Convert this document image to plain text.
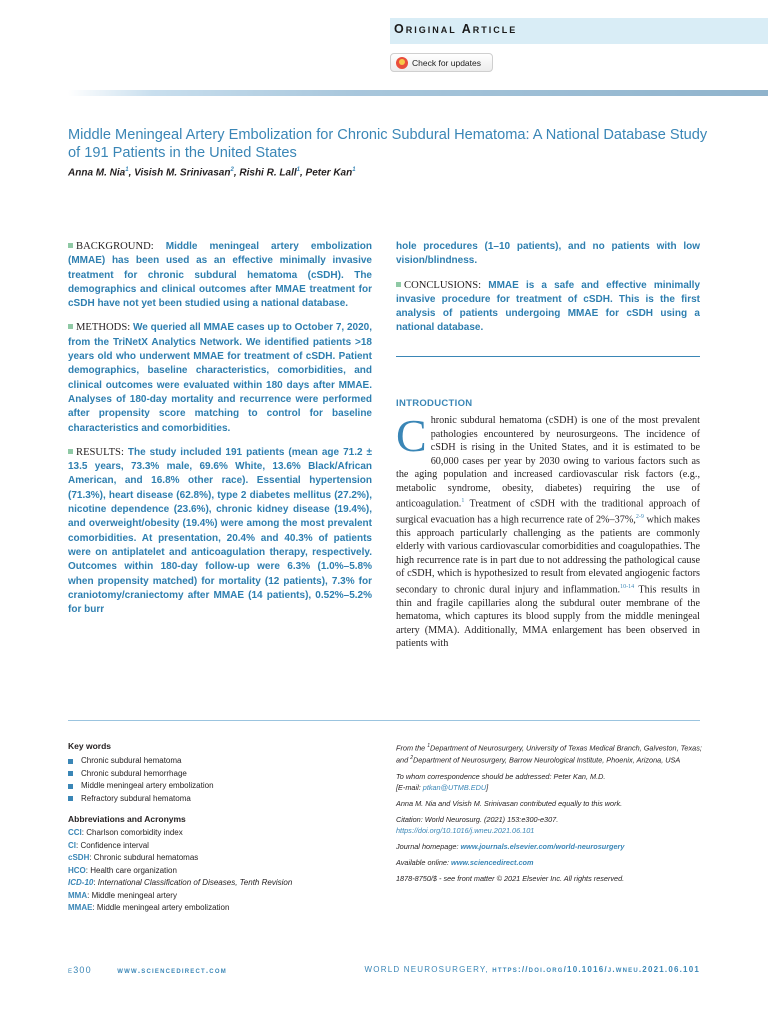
Original Article
Check for updates
Middle Meningeal Artery Embolization for Chronic Subdural Hematoma: A National Database Study of 191 Patients in the United States
Anna M. Nia$^1$, Visish M. Srinivasan$^2$, Rishi R. Lall$^1$, Peter Kan$^1$

BACKGROUND: Middle meningeal artery embolization (MMAE) has been used as an effective minimally invasive treatment for chronic subdural hematoma (cSDH). The demographics and clinical outcomes after MMAE treatment for cSDH have not yet been studied using a national database.

METHODS: We queried all MMAE cases up to October 7, 2020, from the TriNetX Analytics Network. We identified patients >18 years old who underwent MMAE for treatment of cSDH. Patient demographics, baseline characteristics, comorbidities, and clinical outcomes were evaluated within 180 days after MMAE. Analyses of 180-day mortality and recurrence were performed after propensity score matching to control for baseline characteristics and comorbidities.

RESULTS: The study included 191 patients (mean age 71.2 ± 13.5 years, 73.3% male, 69.6% White, 13.6% Black/African American, and 16.8% other race). Essential hypertension (71.3%), heart disease (62.8%), type 2 diabetes mellitus (27.2%), nicotine dependence (23.6%), chronic kidney disease (19.4%), and overweight/obesity (19.4%) were among the most prevalent comorbidities. At presentation, 20.4% and 40.3% of patients were on antiplatelet and anticoagulation therapy, respectively. Outcomes within 180-day follow-up were 6.3% (1.0%–5.8% when propensity matched) for mortality (12 patients), 7.3% for craniotomy/craniectomy after MMAE (14 patients), 0.52%–5.2% for burr

hole procedures (1–10 patients), and no patients with low vision/blindness.

CONCLUSIONS: MMAE is a safe and effective minimally invasive procedure for treatment of cSDH. This is the first analysis of patients undergoing MMAE for cSDH using a national database.

INTRODUCTION
Chronic subdural hematoma (cSDH) is one of the most prevalent pathologies encountered by neurosurgeons. The incidence of cSDH is rising in the United States, and it is estimated to be 60,000 cases per year by 2030 owing to various factors such as the aging population and increased cardiovascular risk factors (e.g., metabolic syndrome, obesity, diabetes) requiring the use of anticoagulation.$^1$ Treatment of cSDH with the traditional approach of surgical evacuation has a high recurrence rate of 2%–37%,$^{2-9}$ which makes this approach particularly challenging as the patients are commonly elderly with various cardiovascular comorbidities and coagulopathies. The high recurrence rate is in part due to not addressing the pathological cause of cSDH, which is hypothesized to result from elevated angiogenic factors secondary to chronic dural injury and inflammation.$^{10-14}$ This results in thin and fragile capillaries along the subdural outer membrane of the hematoma, which captures its blood supply from the middle meningeal artery (MMA). Additionally, MMA enlargement has been observed in patients with
Key words
Chronic subdural hematoma
Chronic subdural hemorrhage
Middle meningeal artery embolization
Refractory subdural hematoma
Abbreviations and Acronyms
CCI: Charlson comorbidity index
CI: Confidence interval
cSDH: Chronic subdural hematomas
HCO: Health care organization
ICD-10: International Classification of Diseases, Tenth Revision
MMA: Middle meningeal artery
MMAE: Middle meningeal artery embolization

From the $^1$Department of Neurosurgery, University of Texas Medical Branch, Galveston, Texas; and $^2$Department of Neurosurgery, Barrow Neurological Institute, Phoenix, Arizona, USA

To whom correspondence should be addressed: Peter Kan, M.D.
[E-mail: ptkan@UTMB.EDU]

Anna M. Nia and Visish M. Srinivasan contributed equally to this work.

Citation: World Neurosurg. (2021) 153:e300-e307.
https://doi.org/10.1016/j.wneu.2021.06.101

Journal homepage: www.journals.elsevier.com/world-neurosurgery

Available online: www.sciencedirect.com

1878-8750/$ - see front matter © 2021 Elsevier Inc. All rights reserved.

e300	www.sciencedirect.com	WORLD NEUROSURGERY, https://doi.org/10.1016/j.wneu.2021.06.101
